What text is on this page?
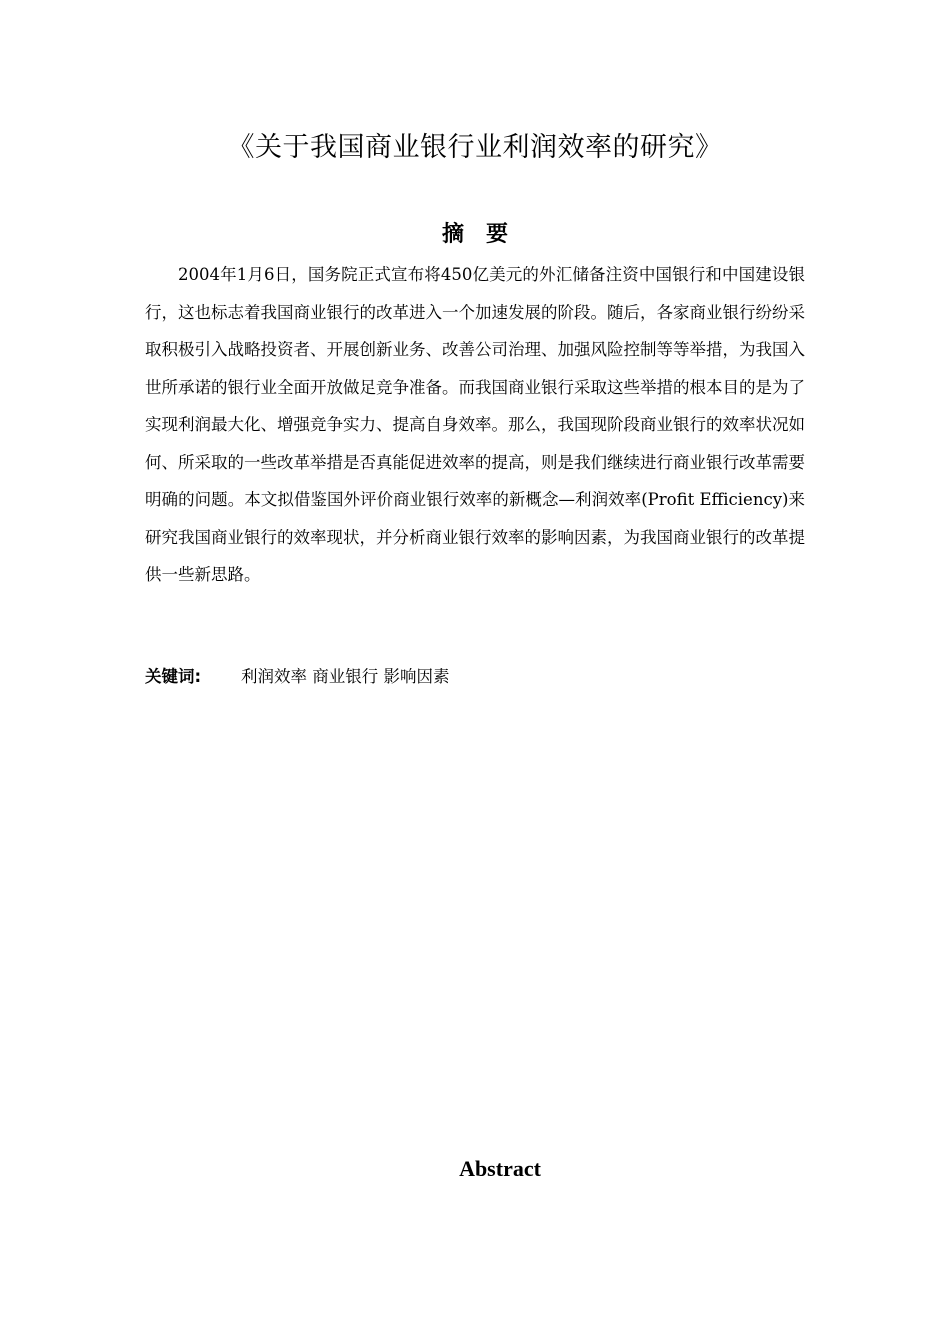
《关于我国商业银行业利润效率的研究》
摘要

2004年1月6日，国务院正式宣布将450亿美元的外汇储备注资中国银行和中国建设银行，这也标志着我国商业银行的改革进入一个加速发展的阶段。随后，各家商业银行纷纷采取积极引入战略投资者、开展创新业务、改善公司治理、加强风险控制等等举措，为我国入世所承诺的银行业全面开放做足竞争准备。而我国商业银行采取这些举措的根本目的是为了实现利润最大化、增强竞争实力、提高自身效率。那么，我国现阶段商业银行的效率状况如何、所采取的一些改革举措是否真能促进效率的提高，则是我们继续进行商业银行改革需要明确的问题。本文拟借鉴国外评价商业银行效率的新概念—利润效率(Profit Efficiency)来研究我国商业银行的效率现状，并分析商业银行效率的影响因素，为我国商业银行的改革提供一些新思路。

关键词: 利润效率 商业银行 影响因素

Abstract
